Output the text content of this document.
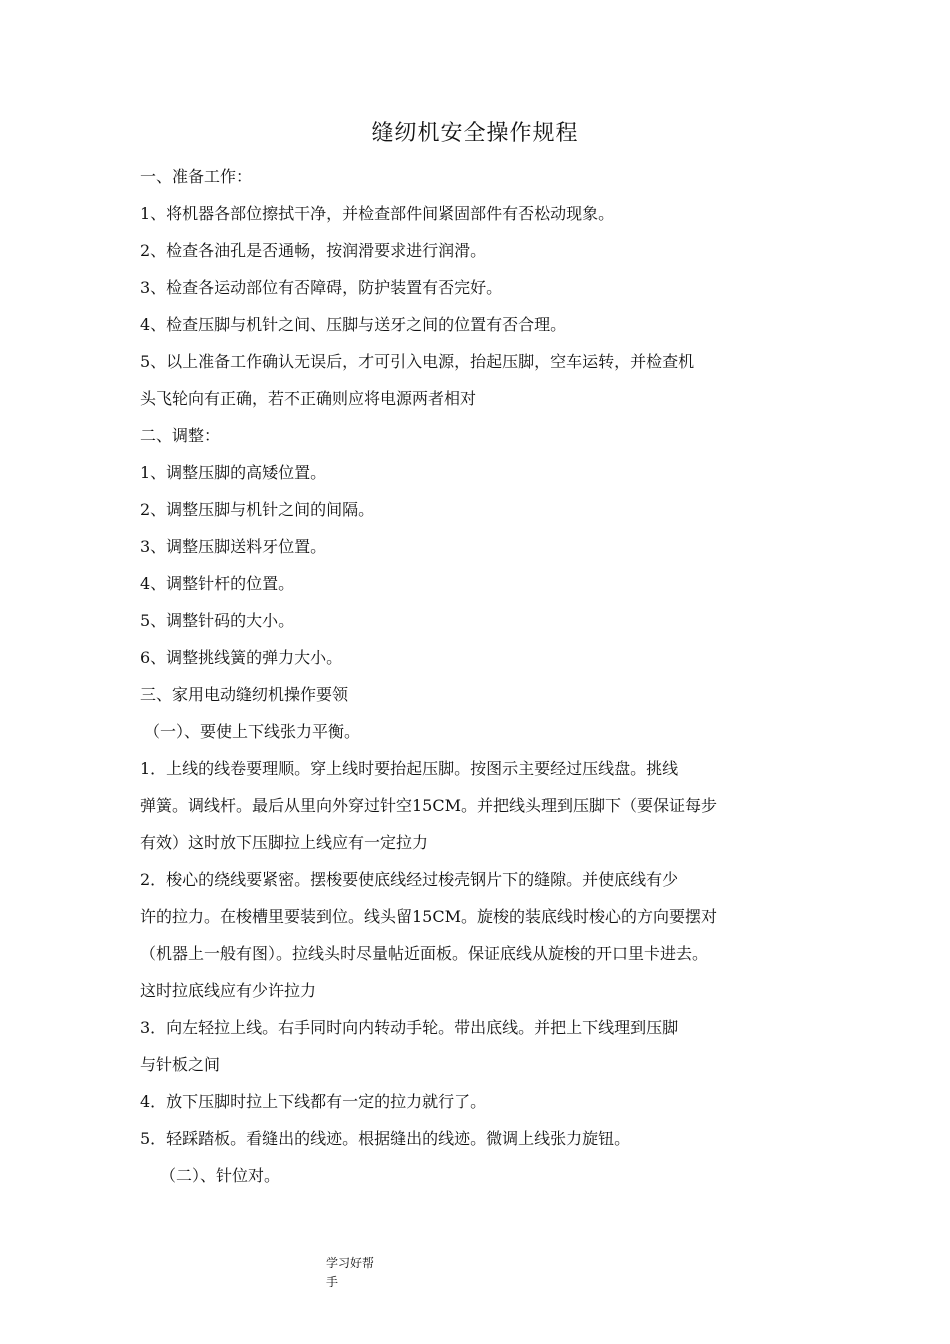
缝纫机安全操作规程
一、准备工作：
1、将机器各部位擦拭干净，并检查部件间紧固部件有否松动现象。
2、检查各油孔是否通畅，按润滑要求进行润滑。
3、检查各运动部位有否障碍，防护装置有否完好。
4、检查压脚与机针之间、压脚与送牙之间的位置有否合理。
5、以上准备工作确认无误后，才可引入电源，抬起压脚，空车运转，并检查机
头飞轮向有正确，若不正确则应将电源两者相对
二、调整：
1、调整压脚的高矮位置。
2、调整压脚与机针之间的间隔。
3、调整压脚送料牙位置。
4、调整针杆的位置。
5、调整针码的大小。
6、调整挑线簧的弹力大小。
三、家用电动缝纫机操作要领
（一）、要使上下线张力平衡。
1．上线的线卷要理顺。穿上线时要抬起压脚。按图示主要经过压线盘。挑线
弹簧。调线杆。最后从里向外穿过针空15CM。并把线头理到压脚下（要保证每步
有效）这时放下压脚拉上线应有一定拉力
2．梭心的绕线要紧密。摆梭要使底线经过梭壳钢片下的缝隙。并使底线有少
许的拉力。在梭槽里要装到位。线头留15CM。旋梭的装底线时梭心的方向要摆对
（机器上一般有图）。拉线头时尽量帖近面板。保证底线从旋梭的开口里卡进去。
这时拉底线应有少许拉力
3．向左轻拉上线。右手同时向内转动手轮。带出底线。并把上下线理到压脚
与针板之间
4．放下压脚时拉上下线都有一定的拉力就行了。
5．轻踩踏板。看缝出的线迹。根据缝出的线迹。微调上线张力旋钮。
（二）、针位对。
学习好帮
手
